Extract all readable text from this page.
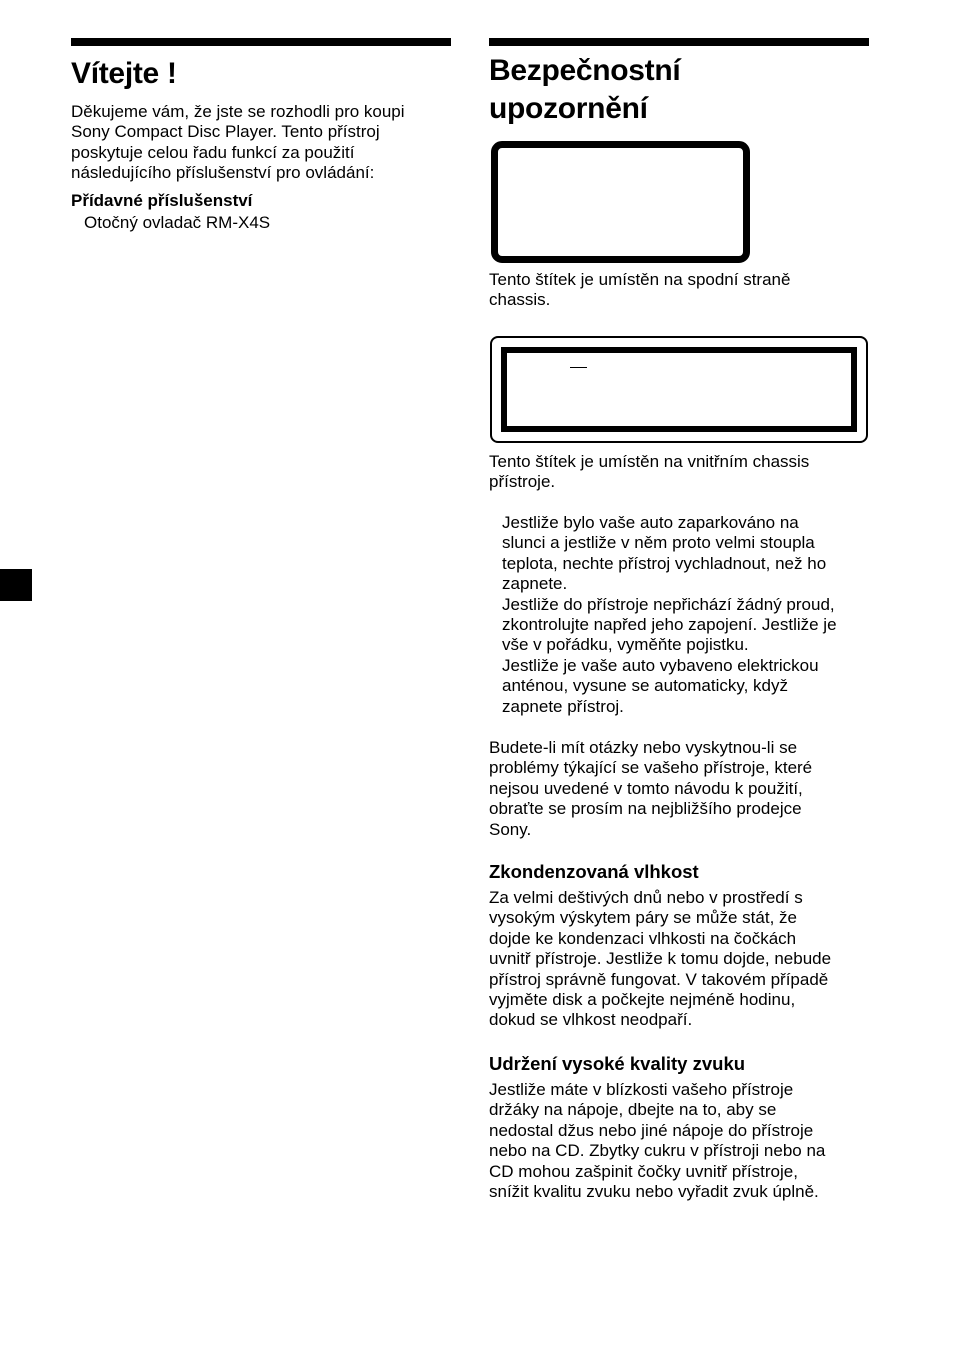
Vítejte !

Děkujeme vám, že jste se rozhodli pro koupi

Sony Compact Disc Player. Tento přístroj

poskytuje celou řadu funkcí za použití

následujícího příslušenství pro ovládání:

Přídavné příslušenství

Otočný ovladač RM-X4S

Bezpečnostní
upozornění

Tento štítek je umístěn na spodní straně

chassis.

Tento štítek je umístěn na vnitřním chassis

přístroje.

Jestliže bylo vaše auto zaparkováno na

slunci a jestliže v něm proto velmi stoupla

teplota, nechte přístroj vychladnout, než ho

zapnete.

Jestliže do přístroje nepřichází žádný proud,

zkontrolujte napřed jeho zapojení. Jestliže je

vše v pořádku, vyměňte pojistku.

Jestliže je vaše auto vybaveno elektrickou

anténou, vysune se automaticky, když

zapnete přístroj.

Budete-li mít otázky nebo vyskytnou-li se

problémy týkající se vašeho přístroje, které

nejsou uvedené v tomto návodu k použití,

obraťte se prosím na nejbližšího prodejce

Sony.

Zkondenzovaná vlhkost

Za velmi deštivých dnů nebo v prostředí s

vysokým výskytem páry se může stát, že

dojde ke kondenzaci vlhkosti na čočkách

uvnitř přístroje. Jestliže k tomu dojde, nebude

přístroj správně fungovat. V takovém případě

vyjměte disk a počkejte nejméně hodinu,

dokud se vlhkost neodpaří.

Udržení vysoké kvality zvuku

Jestliže máte v blízkosti vašeho přístroje

držáky na nápoje, dbejte na to, aby se

nedostal džus nebo jiné nápoje do přístroje

nebo na CD. Zbytky cukru v přístroji nebo na

CD mohou zašpinit čočky uvnitř přístroje,

snížit kvalitu zvuku nebo vyřadit zvuk úplně.
